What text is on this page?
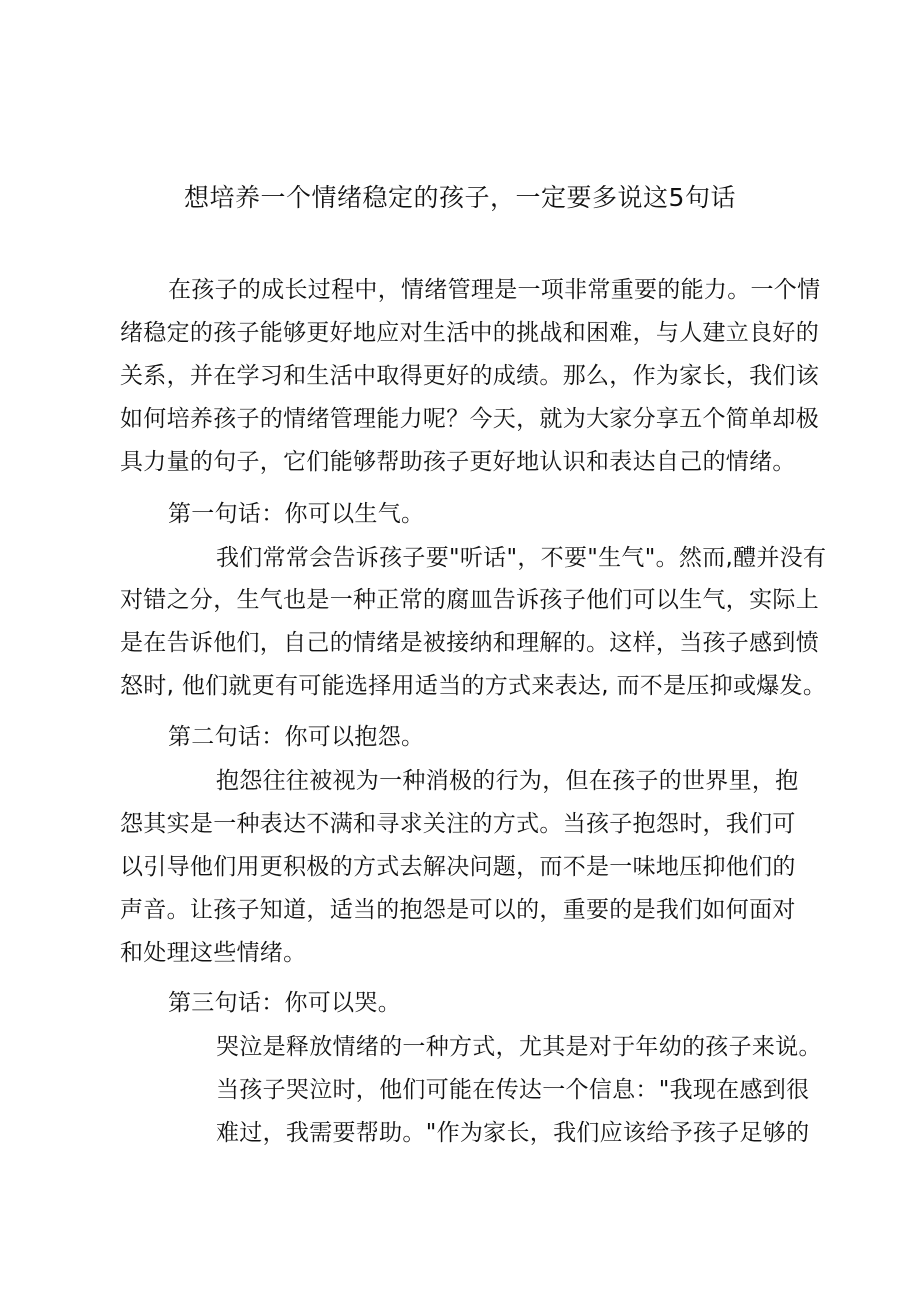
想培养一个情绪稳定的孩子，一定要多说这5句话
在孩子的成长过程中，情绪管理是一项非常重要的能力。一个情
绪稳定的孩子能够更好地应对生活中的挑战和困难，与人建立良好的
关系，并在学习和生活中取得更好的成绩。那么，作为家长，我们该
如何培养孩子的情绪管理能力呢？今天，就为大家分享五个简单却极
具力量的句子，它们能够帮助孩子更好地认识和表达自己的情绪。
第一句话：你可以生气。
我们常常会告诉孩子要"听话"，不要"生气"。然而,醴并没有
对错之分，生气也是一种正常的腐皿告诉孩子他们可以生气，实际上
是在告诉他们，自己的情绪是被接纳和理解的。这样，当孩子感到愤
怒时, 他们就更有可能选择用适当的方式来表达, 而不是压抑或爆发。
第二句话：你可以抱怨。
抱怨往往被视为一种消极的行为，但在孩子的世界里，抱
怨其实是一种表达不满和寻求关注的方式。当孩子抱怨时，我们可
以引导他们用更积极的方式去解决问题，而不是一味地压抑他们的
声音。让孩子知道，适当的抱怨是可以的，重要的是我们如何面对
和处理这些情绪。
第三句话：你可以哭。
哭泣是释放情绪的一种方式，尤其是对于年幼的孩子来说。
当孩子哭泣时，他们可能在传达一个信息："我现在感到很
难过，我需要帮助。"作为家长，我们应该给予孩子足够的
